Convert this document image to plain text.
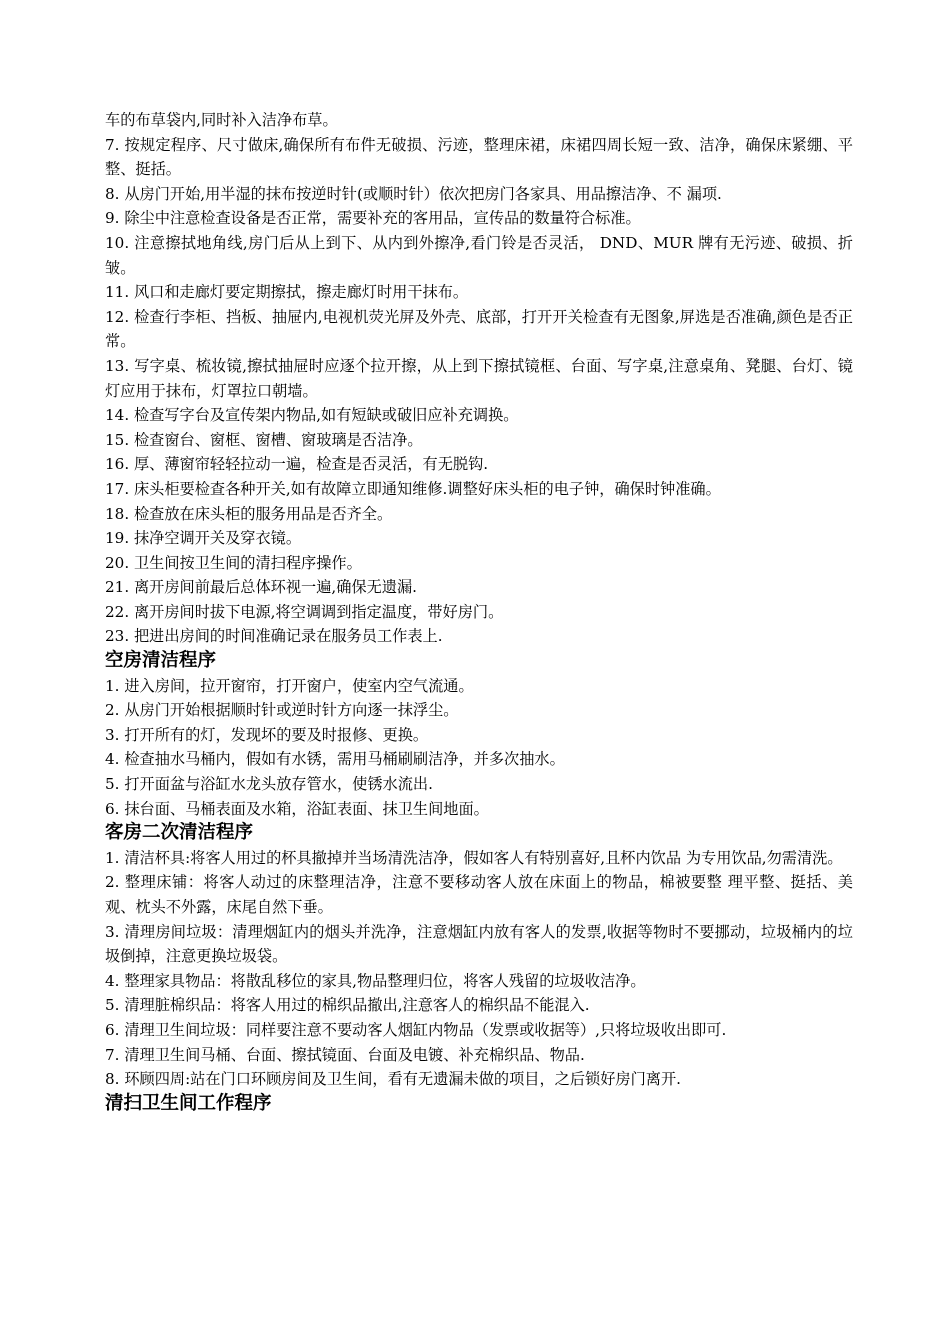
车的布草袋内,同时补入洁净布草。

7. 按规定程序、尺寸做床,确保所有布件无破损、污迹，整理床裙，床裙四周长短一致、洁净，确保床紧绷、平整、挺括。

8. 从房门开始,用半湿的抹布按逆时针(或顺时针）依次把房门各家具、用品擦洁净、不 漏项.

9. 除尘中注意检查设备是否正常，需要补充的客用品，宣传品的数量符合标准。

10. 注意擦拭地角线,房门后从上到下、从内到外擦净,看门铃是否灵活， DND、MUR 牌有无污迹、破损、折皱。

11. 风口和走廊灯要定期擦拭，擦走廊灯时用干抹布。

12. 检查行李柜、挡板、抽屉内,电视机荧光屏及外壳、底部，打开开关检查有无图象,屏选是否准确,颜色是否正常。

13. 写字桌、梳妆镜,擦拭抽屉时应逐个拉开擦，从上到下擦拭镜框、台面、写字桌,注意桌角、凳腿、台灯、镜灯应用于抹布，灯罩拉口朝墙。

14. 检查写字台及宣传架内物品,如有短缺或破旧应补充调换。

15. 检查窗台、窗框、窗槽、窗玻璃是否洁净。

16. 厚、薄窗帘轻轻拉动一遍，检查是否灵活，有无脱钩.

17. 床头柜要检查各种开关,如有故障立即通知维修.调整好床头柜的电子钟，确保时钟准确。

18. 检查放在床头柜的服务用品是否齐全。

19. 抹净空调开关及穿衣镜。

20. 卫生间按卫生间的清扫程序操作。

21. 离开房间前最后总体环视一遍,确保无遗漏.

22. 离开房间时拔下电源,将空调调到指定温度，带好房门。

23. 把进出房间的时间准确记录在服务员工作表上.

空房清洁程序

1. 进入房间，拉开窗帘，打开窗户，使室内空气流通。

2. 从房门开始根据顺时针或逆时针方向逐一抹浮尘。

3. 打开所有的灯，发现坏的要及时报修、更换。

4. 检查抽水马桶内，假如有水锈，需用马桶刷刷洁净，并多次抽水。

5. 打开面盆与浴缸水龙头放存管水，使锈水流出.

6. 抹台面、马桶表面及水箱，浴缸表面、抹卫生间地面。

客房二次清洁程序

1. 清洁杯具:将客人用过的杯具撤掉并当场清洗洁净，假如客人有特别喜好,且杯内饮品 为专用饮品,勿需清洗。

2. 整理床铺：将客人动过的床整理洁净，注意不要移动客人放在床面上的物品，棉被要整 理平整、挺括、美观、枕头不外露，床尾自然下垂。

3. 清理房间垃圾：清理烟缸内的烟头并洗净，注意烟缸内放有客人的发票,收据等物时不要挪动，垃圾桶内的垃圾倒掉，注意更换垃圾袋。

4. 整理家具物品：将散乱移位的家具,物品整理归位，将客人残留的垃圾收洁净。

5. 清理脏棉织品：将客人用过的棉织品撤出,注意客人的棉织品不能混入.

6. 清理卫生间垃圾：同样要注意不要动客人烟缸内物品（发票或收据等）,只将垃圾收出即可.

7. 清理卫生间马桶、台面、擦拭镜面、台面及电镀、补充棉织品、物品.

8. 环顾四周:站在门口环顾房间及卫生间，看有无遗漏未做的项目，之后锁好房门离开.

清扫卫生间工作程序
